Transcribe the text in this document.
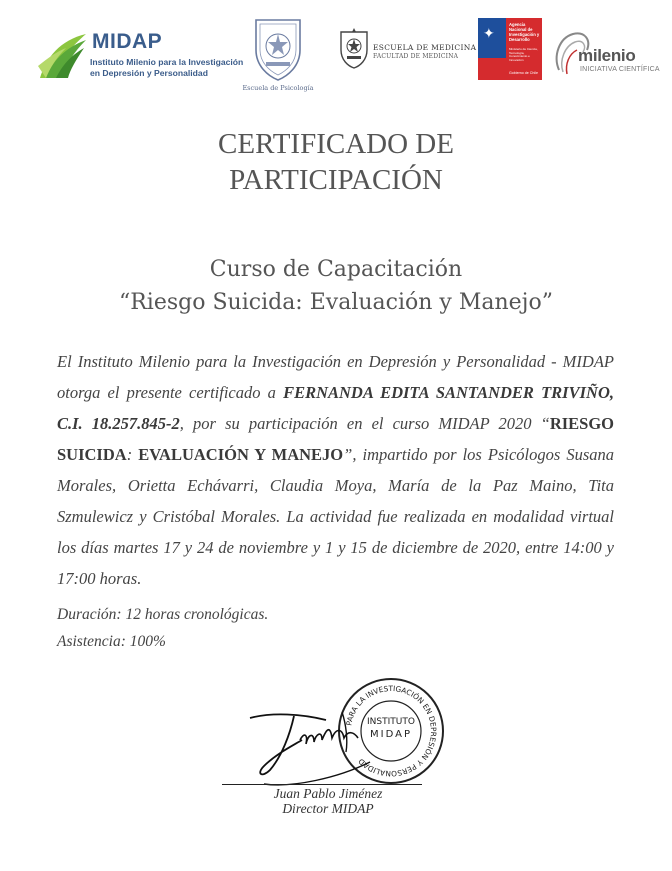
MIDAP
Instituto Milenio para la Investigación
en Depresión y Personalidad
Escuela de Psicología
ESCUELA DE MEDICINA
FACULTAD DE MEDICINA
✦
Agencia Nacional de Investigación y Desarrollo
Ministerio de Ciencia, Tecnología, Conocimiento e Innovación
Gobierno de Chile
milenio
INICIATIVA CIENTÍFICA
CERTIFICADO DE
PARTICIPACIÓN
Curso de Capacitación
“Riesgo Suicida: Evaluación y Manejo”
El Instituto Milenio para la Investigación en Depresión y Personalidad - MIDAP otorga el presente certificado a FERNANDA EDITA SANTANDER TRIVIÑO, C.I. 18.257.845-2, por su participación en el curso MIDAP 2020 “RIESGO SUICIDA: EVALUACIÓN Y MANEJO”, impartido por los Psicólogos Susana Morales, Orietta Echávarri, Claudia Moya, María de la Paz Maino, Tita Szmulewicz y Cristóbal Morales. La actividad fue realizada en modalidad virtual los días martes 17 y 24 de noviembre y 1 y 15 de diciembre de 2020, entre 14:00 y 17:00 horas.
Duración: 12 horas cronológicas.
Asistencia: 100%
PARA LA INVESTIGACIÓN EN DEPRESIÓN Y PERSONALIDAD
INSTITUTO
MIDAP
Juan Pablo Jiménez
Director MIDAP
